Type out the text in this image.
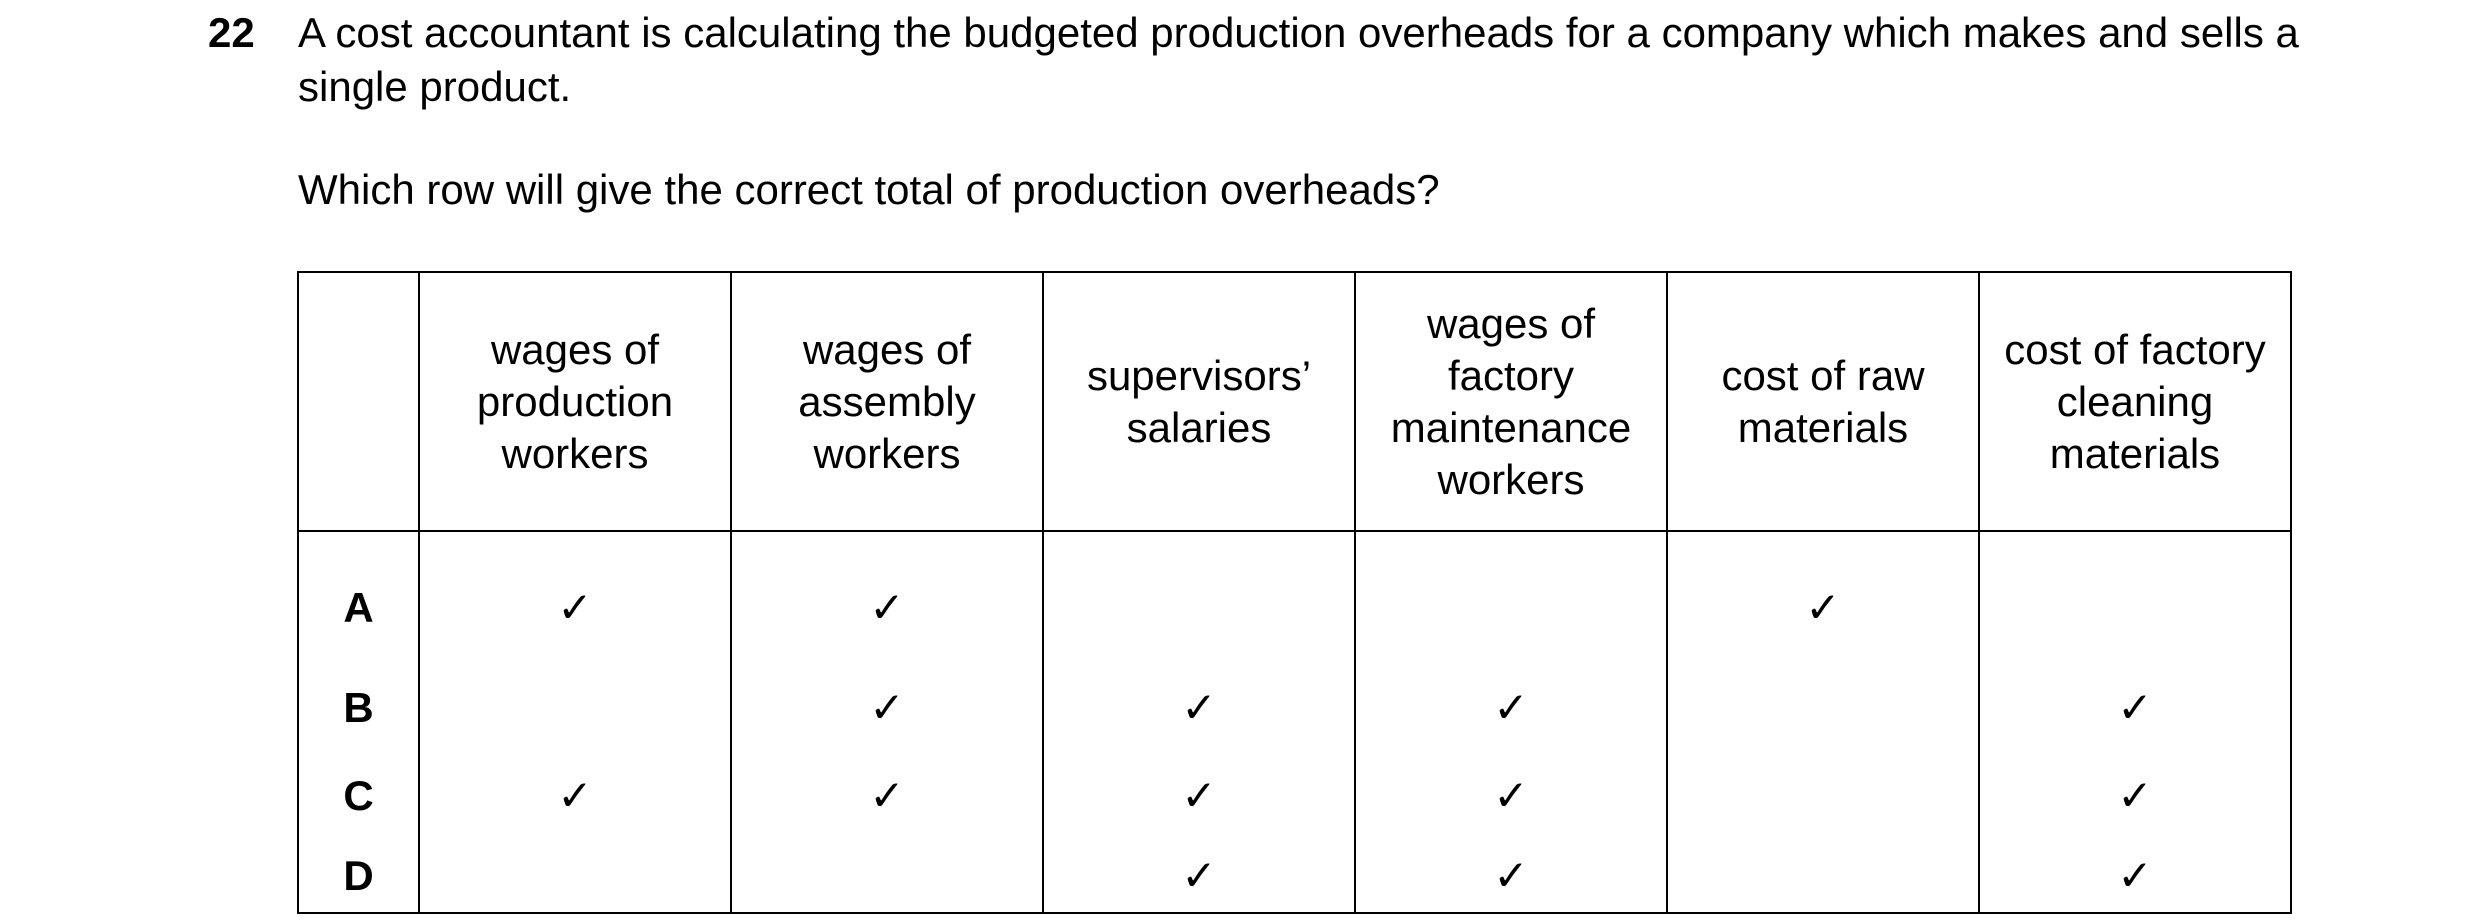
22 A cost accountant is calculating the budgeted production overheads for a company which makes and sells a single product.
Which row will give the correct total of production overheads?
	wages of production workers	wages of assembly workers	supervisors’ salaries	wages of factory maintenance workers	cost of raw materials	cost of factory cleaning materials
A	✓	✓			✓	
B		✓	✓	✓		✓
C	✓	✓	✓	✓		✓
D			✓	✓		✓
